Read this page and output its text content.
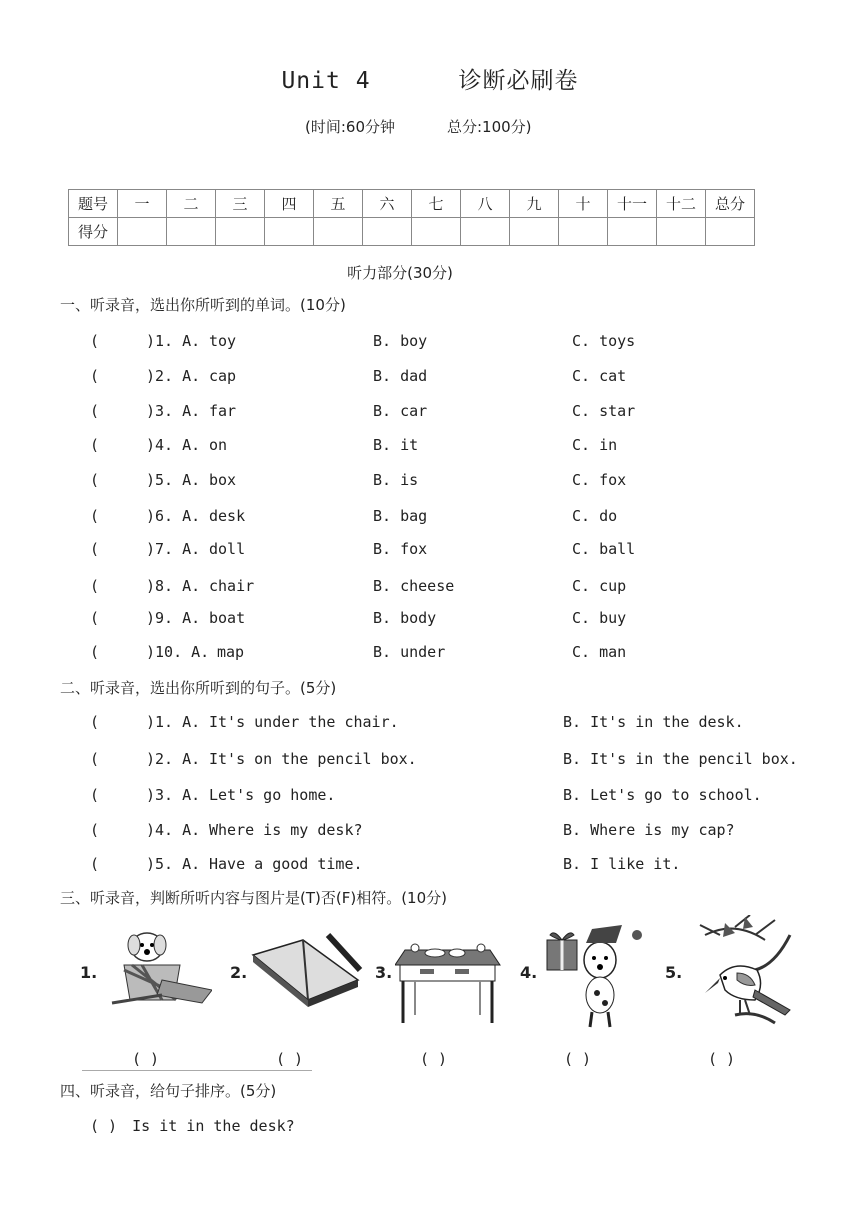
Unit 4	诊断必刷卷
(时间:60分钟	总分:100分)
题号	一	二	三	四	五	六	七	八	九	十	十一	十二	总分
得分													
听力部分(30分)
一、听录音，选出你所听到的单词。(10分)
(	)1. A. toy	B. boy	C. toys
(	)2. A. cap	B. dad	C. cat
(	)3. A. far	B. car	C. star
(	)4. A. on	B. it	C. in
(	)5. A. box	B. is	C. fox
(	)6. A. desk	B. bag	C. do
(	)7. A. doll	B. fox	C. ball
(	)8. A. chair	B. cheese	C. cup
(	)9. A. boat	B. body	C. buy
(	)10. A. map	B. under	C. man
二、听录音，选出你所听到的句子。(5分)
(	)1. A. It's under the chair.	B. It's in the desk.
(	)2. A. It's on the pencil box.	B. It's in the pencil box.
(	)3. A. Let's go home.	B. Let's go to school.
(	)4. A. Where is my desk?	B. Where is my cap?
(	)5. A. Have a good time.	B. I like it.
三、听录音，判断所听内容与图片是(T)否(F)相符。(10分)
1.	2.	3.	4.	5.
( )	( )	( )	( )	( )
四、听录音，给句子排序。(5分)
( ) Is it in the desk?
